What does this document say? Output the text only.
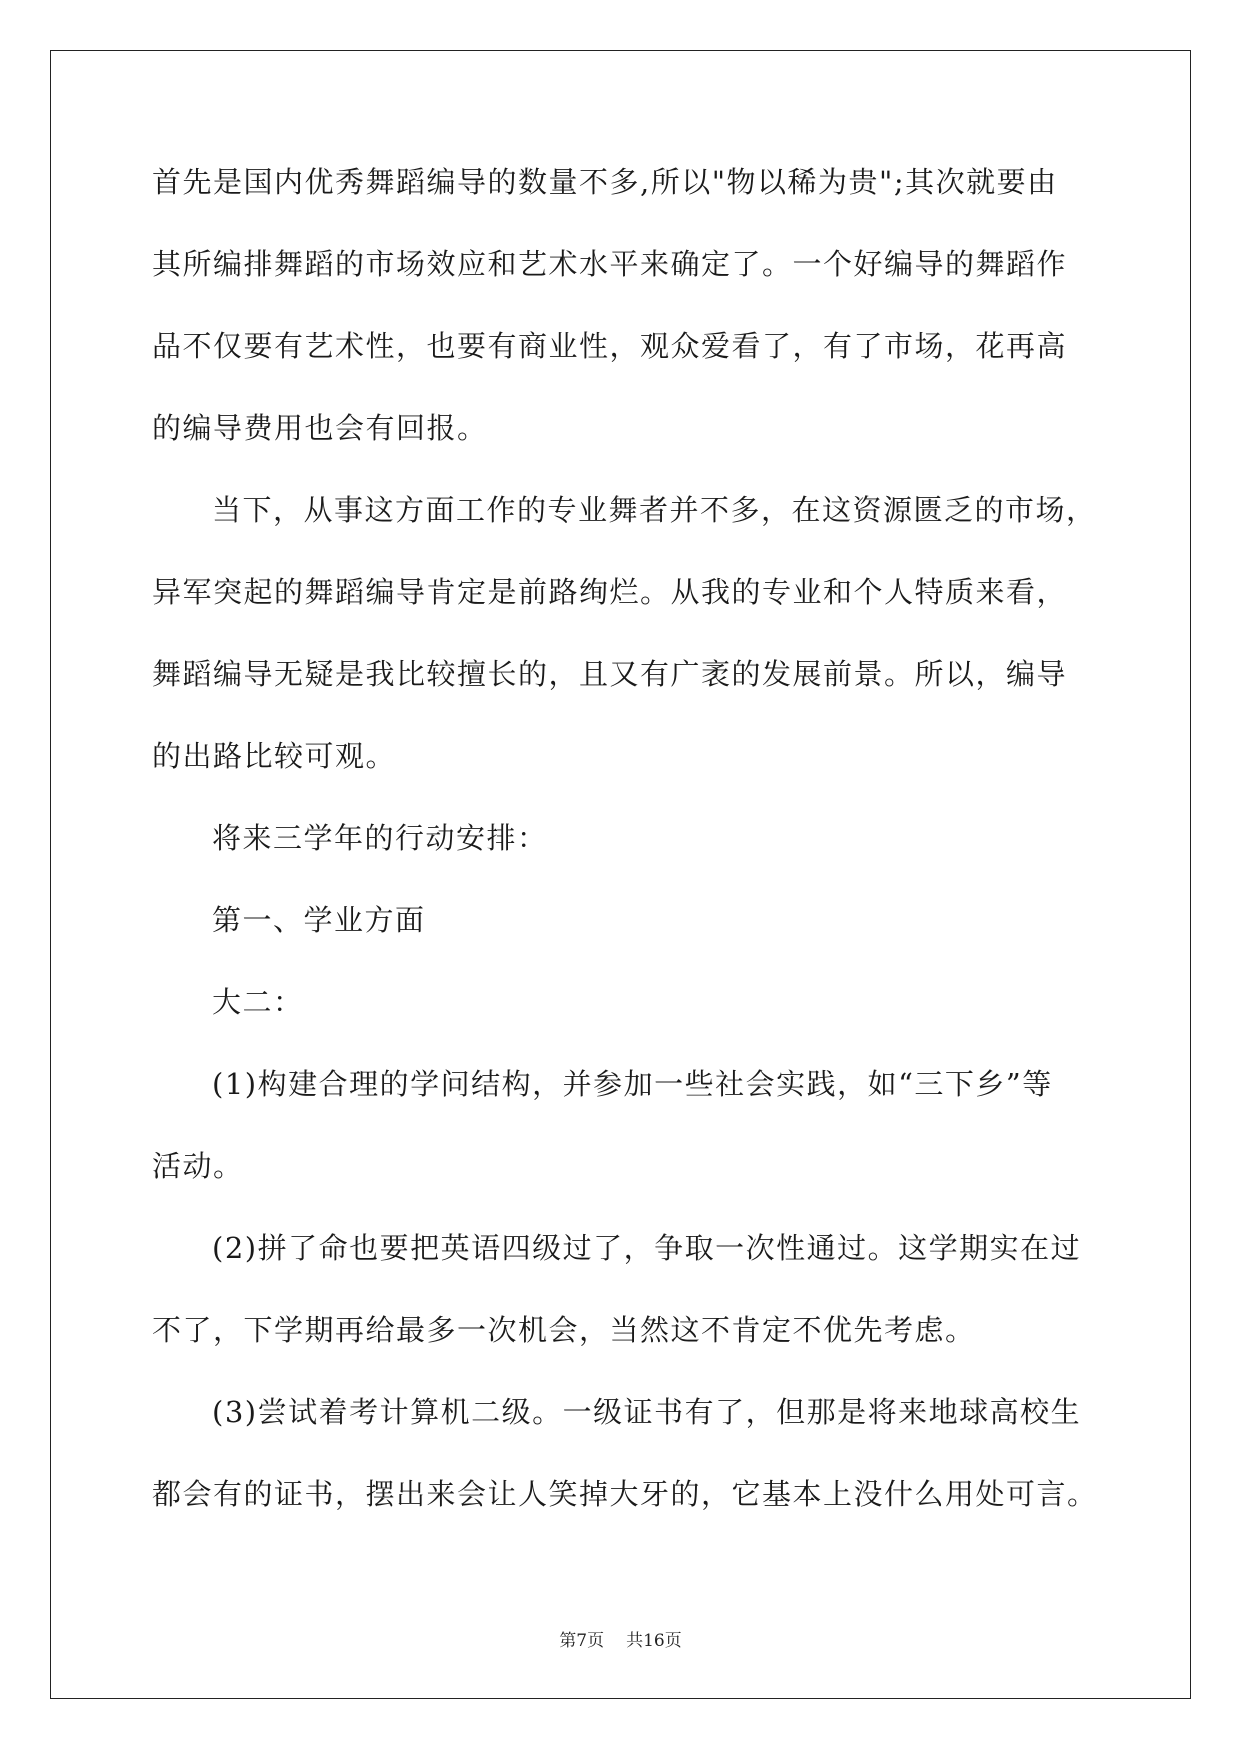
首先是国内优秀舞蹈编导的数量不多,所以"物以稀为贵";其次就要由
其所编排舞蹈的市场效应和艺术水平来确定了。一个好编导的舞蹈作
品不仅要有艺术性，也要有商业性，观众爱看了，有了市场，花再高
的编导费用也会有回报。
当下，从事这方面工作的专业舞者并不多，在这资源匮乏的市场，
异军突起的舞蹈编导肯定是前路绚烂。从我的专业和个人特质来看，
舞蹈编导无疑是我比较擅长的，且又有广袤的发展前景。所以，编导
的出路比较可观。
将来三学年的行动安排：
第一、学业方面
大二：
(1)构建合理的学问结构，并参加一些社会实践，如“三下乡”等
活动。
(2)拼了命也要把英语四级过了，争取一次性通过。这学期实在过
不了，下学期再给最多一次机会，当然这不肯定不优先考虑。
(3)尝试着考计算机二级。一级证书有了，但那是将来地球高校生
都会有的证书，摆出来会让人笑掉大牙的，它基本上没什么用处可言。
第7页 共16页
